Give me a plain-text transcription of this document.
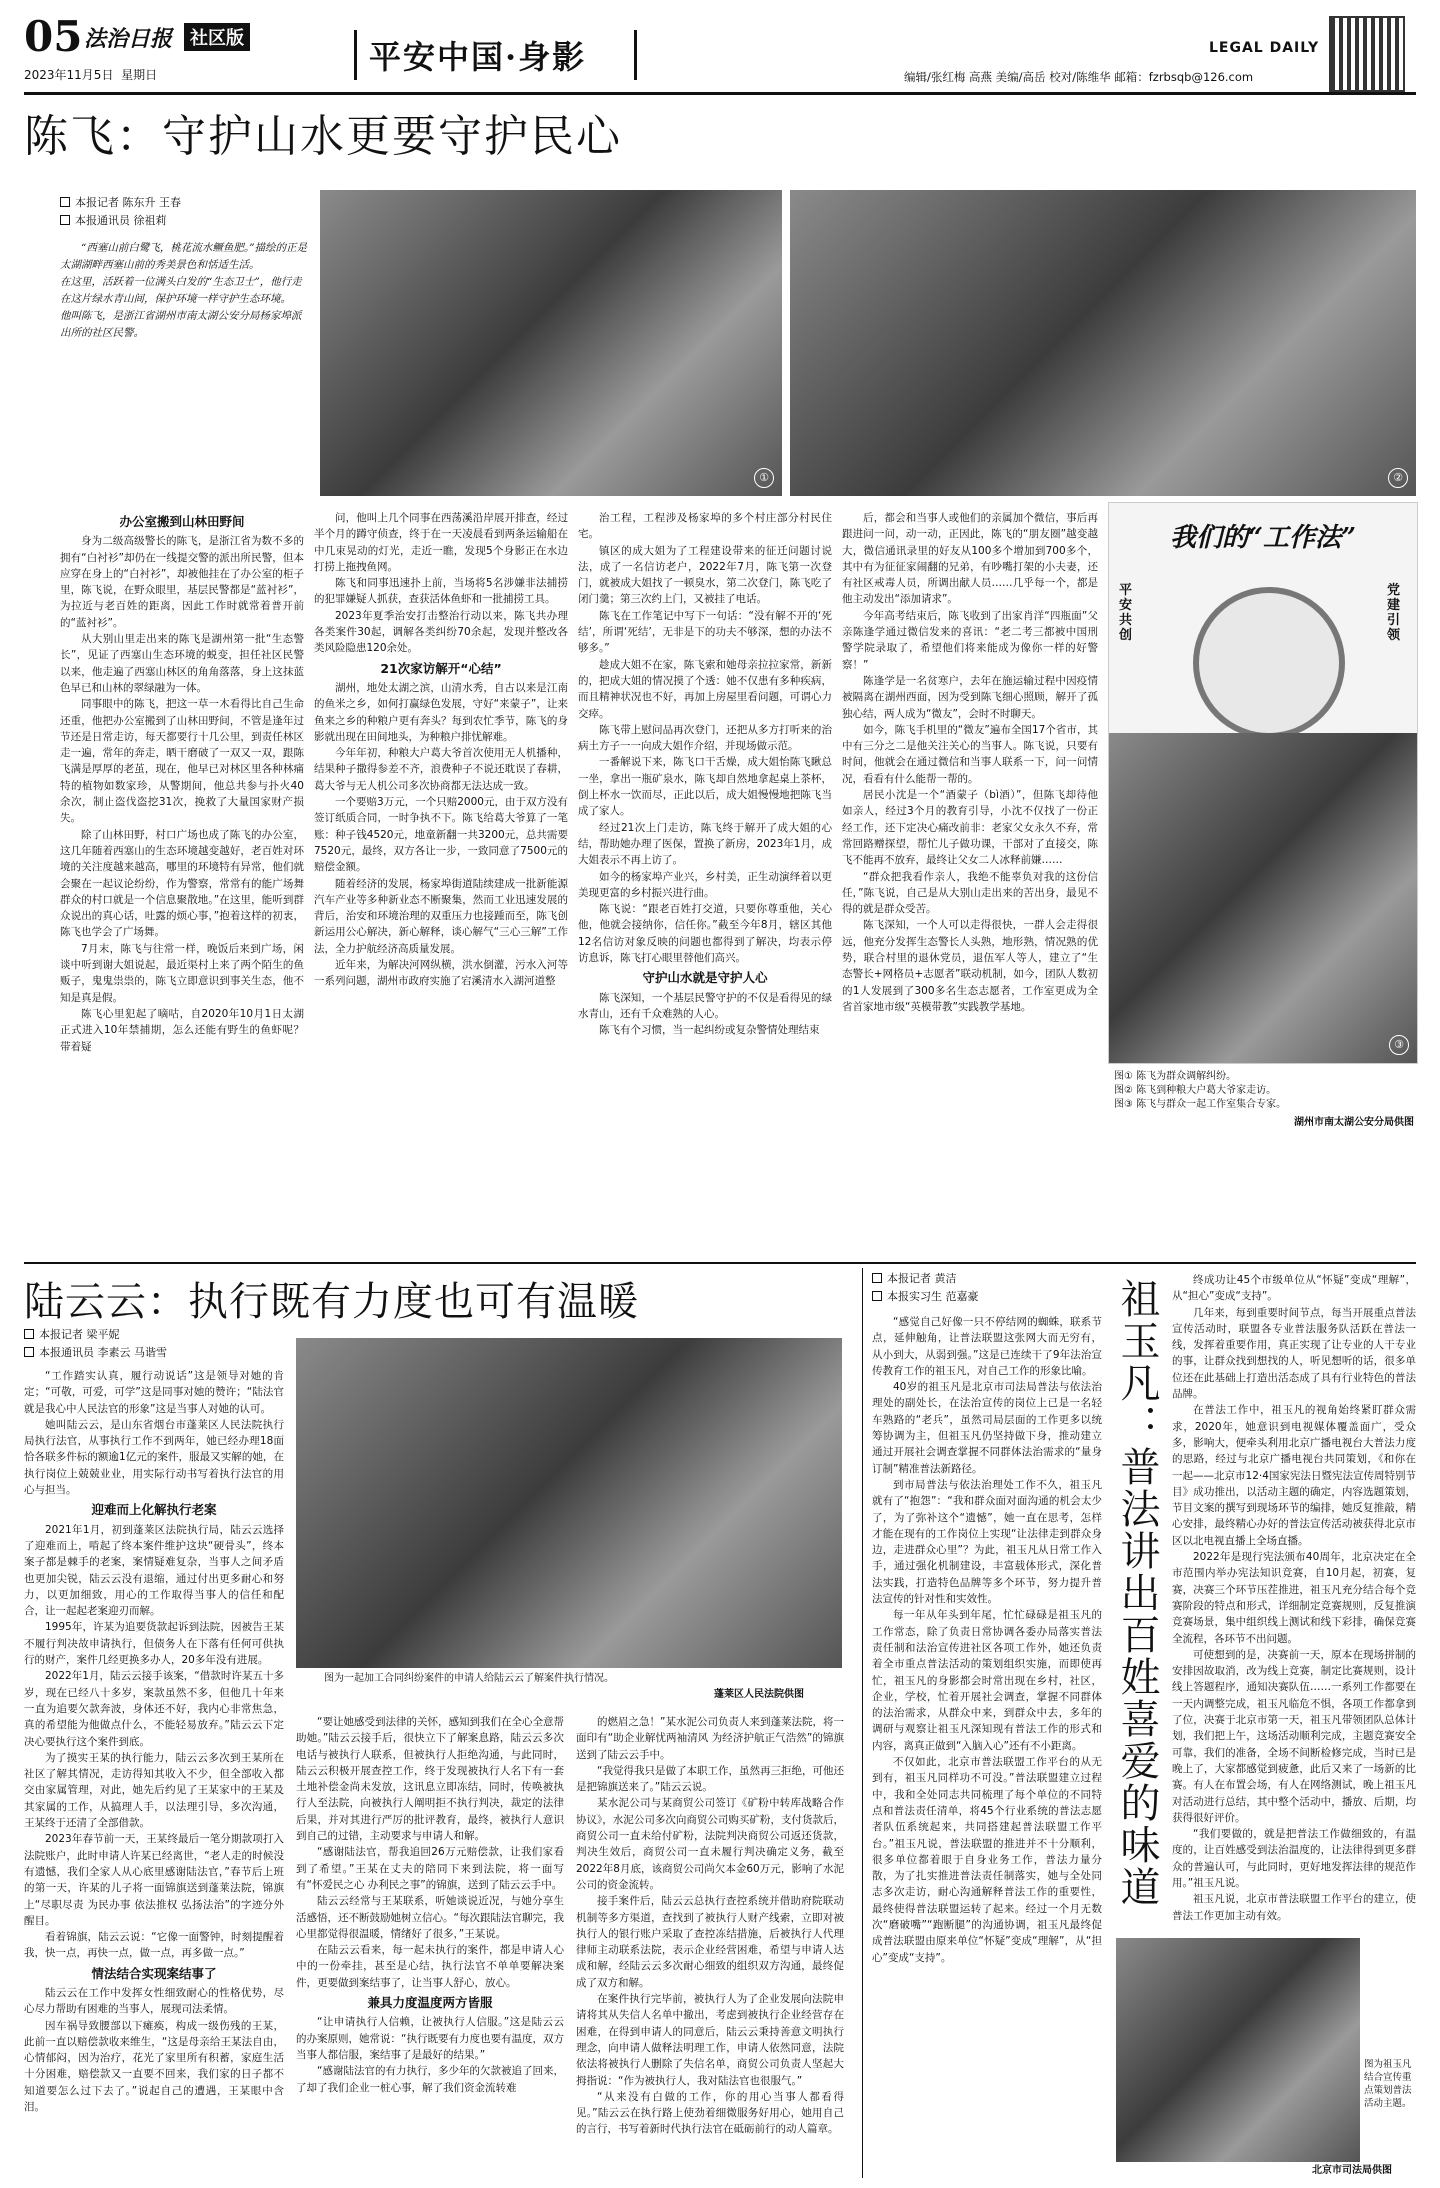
05 法治日报 社区版
2023年11月5日 星期日	平安中国·身影	LEGAL DAILY
编辑/张红梅 高燕 美编/高岳 校对/陈维华 邮箱：fzrbsqb@126.com
陈飞：守护山水更要守护民心
本报记者 陈东升 王春
本报通讯员 徐祖莉
“西塞山前白鹭飞，桃花流水鳜鱼肥。”描绘的正是太湖湖畔西塞山前的秀美景色和恬适生活。
在这里，活跃着一位满头白发的“生态卫士”，他行走在这片绿水青山间，保护环境一样守护生态环境。
他叫陈飞，是浙江省湖州市南太湖公安分局杨家埠派出所的社区民警。
①	②
办公室搬到山林田野间

身为二级高级警长的陈飞，是浙江省为数不多的拥有“白衬衫”却仍在一线提交警的派出所民警，但本应穿在身上的“白衬衫”，却被他挂在了办公室的柜子里，陈飞说，在野众眼里，基层民警都是“蓝衬衫”，为拉近与老百姓的距离，因此工作时就常着普开前的“蓝衬衫”。

从大别山里走出来的陈飞是湖州第一批“生态警长”，见证了西塞山生态环境的蜕变，担任社区民警以来，他走遍了西塞山林区的角角落落，身上这抹蓝色早已和山林的翠绿融为一体。

同事眼中的陈飞，把这一草一木看得比自己生命还重，他把办公室搬到了山林田野间，不管是逢年过节还是日常走访，每天都要行十几公里，到责任林区走一遍，常年的奔走，晒干磨破了一双又一双，跟陈飞满是厚厚的老茧，现在，他早已对林区里各种林痛特的植物如数家珍，从警期间，他总共参与扑火40余次，制止盗伐盗挖31次，挽救了大量国家财产损失。

除了山林田野，村口广场也成了陈飞的办公室，这几年随着西塞山的生态环境越变越好，老百姓对环境的关注度越来越高，哪里的环境特有异常，他们就会聚在一起议论纷纷，作为警察，常常有的能广场舞群众的村口就是一个信息聚散地。”在这里，能听到群众说出的真心话，吐露的烦心事，”抱着这样的初衷，陈飞也学会了广场舞。

7月末，陈飞与往常一样，晚饭后来到广场，闲谈中听到谢大姐说起，最近渠村上来了两个陌生的鱼贩子，鬼鬼祟祟的，陈飞立即意识到事关生态，他不知是真是假。

陈飞心里犯起了嘀咕，自2020年10月1日太湖正式进入10年禁捕期，怎么还能有野生的鱼虾呢？带着疑

问，他叫上几个同事在西荡溪沿岸展开排查，经过半个月的蹲守侦查，终于在一天凌晨看到两条运输船在中几束晃动的灯光，走近一瞧，发现5个身影正在水边打捞上拖拽鱼网。

陈飞和同事迅速扑上前，当场将5名涉嫌非法捕捞的犯罪嫌疑人抓获，查获活体鱼虾和一批捕捞工具。

2023年夏季治安打击整治行动以来，陈飞共办理各类案件30起，调解各类纠纷70余起，发现并整改各类风险隐患120余处。

21次家访解开“心结”

湖州，地处太湖之滨，山清水秀，自古以来是江南的鱼米之乡，如何打赢绿色发展，守好“来蒙子”，让来鱼来之乡的种粮户更有奔头？每到农忙季节，陈飞的身影就出现在田间地头，为种粮户排忧解难。

今年年初，种粮大户葛大爷首次使用无人机播种，结果种子撒得参差不齐，浪费种子不说还耽误了春耕，葛大爷与无人机公司多次协商都无法达成一致。

一个要赔3万元，一个只赔2000元，由于双方没有签订纸质合同，一时争执不下。陈飞给葛大爷算了一笔账：种子钱4520元，地童新翻一共3200元，总共需要7520元，最终，双方各让一步，一致同意了7500元的赔偿金额。

随着经济的发展，杨家埠街道陆续建成一批新能源汽车产业等多种新业态不断聚集，然而工业迅速发展的背后，治安和环境治理的双重压力也接踵而至，陈飞创新运用公心解决，新心解释，谈心解气“三心三解”工作法，全力护航经济高质量发展。

近年来，为解决河网纵横，洪水倒灌，污水入河等一系列问题，湖州市政府实施了宕溪清水入湖河道整

治工程，工程涉及杨家埠的多个村庄部分村民住宅。

镇区的成大姐为了工程建设带来的征迁问题讨说法，成了一名信访老户，2022年7月，陈飞第一次登门，就被成大姐找了一顿臭水，第二次登门，陈飞吃了闭门羹；第三次约上门，又被挂了电话。

陈飞在工作笔记中写下一句话：“没有解不开的‘死结’，所谓‘死结’，无非是下的功夫不够深，想的办法不够多。”

趁成大姐不在家，陈飞索和她母亲拉拉家常，新新的，把成大姐的情况摸了个透：她不仅患有多种疾病，而且精神状况也不好，再加上房屋里看问题，可谓心力交瘁。

陈飞带上慰问品再次登门，还把从多方打听来的治病土方子一一向成大姐作介绍，并现场做示范。

一番解说下来，陈飞口干舌燥，成大姐怡陈飞瞅总一坐，拿出一瓶矿泉水，陈飞却自然地拿起桌上茶杯，倒上杯水一饮而尽，正此以后，成大姐慢慢地把陈飞当成了家人。

经过21次上门走访，陈飞终于解开了成大姐的心结，帮助她办理了医保，置换了新房，2023年1月，成大姐表示不再上访了。

如今的杨家埠产业兴，乡村美，正生动演绎着以更美现更富的乡村振兴进行曲。

陈飞说：“跟老百姓打交道，只要你尊重他，关心他，他就会接纳你，信任你。”截至今年8月，辖区其他12名信访对象反映的问题也都得到了解决，均表示停访息诉，陈飞打心眼里替他们高兴。

守护山水就是守护人心

陈飞深知，一个基层民警守护的不仅是看得见的绿水青山，还有千众难熟的人心。

陈飞有个习惯，当一起纠纷或复杂警情处理结束

后，都会和当事人或他们的亲属加个微信，事后再跟进问一问，动一动，正因此，陈飞的“朋友圈”越变越大，微信通讯录里的好友从100多个增加到700多个，其中有为征征家闹翻的兄弟，有吵嘴打架的小夫妻，还有社区戒毒人员，所调出献人员……几乎每一个，都是他主动发出“添加请求”。

今年高考结束后，陈飞收到了出家肖洋“四瓶面”父亲陈逢学通过微信发来的喜讯：“老二考三都被中国刑警学院录取了，希望他们将来能成为像你一样的好警察！”

陈逢学是一名贫寒户，去年在施运输过程中因疫情被隔离在湖州西面，因为受到陈飞细心照顾，解开了孤独心结，两人成为“微友”，会时不时聊天。

如今，陈飞手机里的“微友”遍布全国17个省市，其中有三分之二是他关注关心的当事人。陈飞说，只要有时间，他就会在通过微信和当事人联系一下，问一问情况，看看有什么能帮一帮的。

居民小沈是一个“酒蒙子（bì酒）”，但陈飞却待他如亲人，经过3个月的教育引导，小沈不仅找了一份正经工作，还下定决心痛改前非：老家父女永久不弃，常常回路赠探望，帮忙儿子做功课，干部对了直接交，陈飞不能再不放弃，最终让父女二人冰释前嫌……

“群众把我看作亲人，我绝不能辜负对我的这份信任，”陈飞说，自己是从大别山走出来的苦出身，最见不得的就是群众受苦。

陈飞深知，一个人可以走得很快，一群人会走得很远，他充分发挥生态警长人头熟，地形熟，情况熟的优势，联合村里的退休党员，退伍军人等人，建立了“生态警长+网格员+志愿者”联动机制，如今，团队人数初的1人发展到了300多名生态志愿者，工作室更成为全省首家地市级“英模带教”实践教学基地。

我们的“工作法”
平安共创
党建引领
③
图① 陈飞为群众调解纠纷。
图② 陈飞到种粮大户葛大爷家走访。
图③ 陈飞与群众一起工作室集合专家。
湖州市南太湖公安分局供图
陆云云：执行既有力度也可有温暖
本报记者 梁平妮
本报通讯员 李素云 马谐雪

“工作踏实认真，履行动说话”这是领导对她的肯定；“可敬，可爱，可学”这是同事对她的赞许；“陆法官就是我心中人民法官的形象”这是当事人对她的认可。

她叫陆云云，是山东省烟台市蓬莱区人民法院执行局执行法官，从事执行工作不到两年，她已经办理18面恰各联多件标的额逾1亿元的案件，服最又实解的她，在执行岗位上兢兢业业，用实际行动书写着执行法官的用心与担当。

迎难而上化解执行老案

2021年1月，初到蓬莱区法院执行局，陆云云选择了迎难而上，啃起了终本案件维护这块“硬骨头”，终本案子都是棘手的老案，案情疑难复杂，当事人之间矛盾也更加尖锐，陆云云没有退缩，通过付出更多耐心和努力，以更加细致，用心的工作取得当事人的信任和配合，让一起起老案迎刃而解。

1995年，许某为追要货款起诉到法院，因被告王某不履行判决故申请执行，但债务人在下落有任何可供执行的财产，案件几经更换多办人，20多年没有进展。

2022年1月，陆云云接手该案，“借款时许某五十多岁，现在已经八十多岁，案款虽然不多，但他几十年来一直为追要欠款奔波，身体还不好，我内心非常焦急，真的希望能为他做点什么，不能轻易放弃。”陆云云下定决心要执行这个案件到底。

为了摸实王某的执行能力，陆云云多次到王某所在社区了解其情况，走访得知其收入不少，但全部收入都交由家属管理，对此，她先后约见了王某家中的王某及其家属的工作，从搞理人手，以法理引导，多次沟通，王某终于还清了全部借款。

2023年春节前一天，王某终最后一笔分期款项打入法院账户，此时申请人许某已经离世，“老人走的时候没有遗憾，我们全家人从心底里感谢陆法官，”春节后上班的第一天，许某的儿子将一面锦旗送到蓬莱法院，锦旗上“尽职尽责 为民办事 依法推权 弘扬法治”的字迹分外醒目。

看着锦旗，陆云云说：“它像一面警钟，时刻提醒着我，快一点，再快一点，做一点，再多做一点。”

情法结合实现案结事了

陆云云在工作中发挥女性细致耐心的性格优势，尽心尽力帮助有困难的当事人，展现司法柔情。

因车祸导致腰部以下瘫痪，构成一级伤残的王某，此前一直以赔偿款收来维生，“这是母亲给王某法自由，心情郁闷，因为治疗，花光了家里所有积蓄，家庭生活十分困难，赔偿款又一直要不回来，我们家的日子都不知道要怎么过下去了。”说起自己的遭遇，王某眼中含泪。

图为一起加工合同纠纷案件的申请人给陆云云了解案件执行情况。
蓬莱区人民法院供图

“要让她感受到法律的关怀，感知到我们在全心全意帮助她。”陆云云接手后，很快立下了解案息路，陆云云多次电话与被执行人联系，但被执行人拒绝沟通，与此同时，陆云云积极开展查控工作，终于发现被执行人名下有一套土地补偿金尚未发放，这讯息立即冻结，同时，传唤被执行人至法院，向被执行人阐明拒不执行判决，裁定的法律后果，并对其进行严厉的批评教育，最终，被执行人意识到自己的过错，主动要求与申请人和解。

“感谢陆法官，帮我追回26万元赔偿款，让我们家看到了希望。”王某在丈夫的陪同下来到法院，将一面写有“怀爱民之心 办利民之事”的锦旗，送到了陆云云手中。

陆云云经常与王某联系，听她谈说近况，与她分享生活感悟，还不断鼓励她树立信心。“每次跟陆法官聊完，我心里都觉得很温暖，情绪好了很多，”王某说。

在陆云云看来，每一起未执行的案件，都是申请人心中的一份牵挂，甚至是心结，执行法官不单单要解决案件，更要做到案结事了，让当事人舒心，放心。

兼具力度温度两方皆服

“让申请执行人信赖，让被执行人信服。”这是陆云云的办案原则，她常说：“执行既要有力度也要有温度，双方当事人都信服，案结事了是最好的结果。”

“感谢陆法官的有力执行，多少年的欠款被追了回来，了却了我们企业一桩心事，解了我们资金流转难

的燃眉之急！”某水泥公司负责人来到蓬莱法院，将一面印有“助企业解忧两袖清风 为经济护航正气浩然”的锦旗送到了陆云云手中。

“我觉得我只是做了本职工作，虽然再三拒绝，可他还是把锦旗送来了。”陆云云说。

某水泥公司与某商贸公司签订《矿粉中转库战略合作协议》，水泥公司多次向商贸公司购买矿粉，支付货款后，商贸公司一直未给付矿粉，法院判决商贸公司返还货款，判决生效后，商贸公司一直未履行判决确定义务，截至2022年8月底，该商贸公司尚欠本金60万元，影响了水泥公司的资金流转。

接手案件后，陆云云总执行查控系统并借助府院联动机制等多方渠道，查找到了被执行人财产线索，立即对被执行人的银行账户采取了查控冻结措施，后被执行人代理律师主动联系法院，表示企业经营困难，希望与申请人达成和解，经陆云云多次耐心细致的组织双方沟通，最终促成了双方和解。

在案件执行完毕前，被执行人为了企业发展向法院申请将其从失信人名单中撤出，考虑到被执行企业经营存在困难，在得到申请人的同意后，陆云云秉持善意文明执行理念，向申请人做释法明理工作，申请人依然同意，法院依法将被执行人删除了失信名单，商贸公司负责人坚起大拇指说：“作为被执行人，我对陆法官也很服气。”

“从来没有白做的工作，你的用心当事人都看得见。”陆云云在执行路上使劲着细微服务好用心，她用自己的言行，书写着新时代执行法官在砥砺前行的动人篇章。

本报记者 黄洁
本报实习生 范嘉豪

“感觉自己好像一只不停结网的蜘蛛，联系节点，延伸触角，让普法联盟这张网大而无穷有，从小到大，从弱到强。”这是已连续干了9年法治宣传教育工作的祖玉凡，对自己工作的形象比喻。

40岁的祖玉凡是北京市司法局普法与依法治理处的副处长，在法治宣传的岗位上已是一名轻车熟路的“老兵”，虽然司局层面的工作更多以统筹协调为主，但祖玉凡仍坚持做下身，推动建立通过开展社会调查掌握不同群体法治需求的“量身订制”精准普法新路径。

到市局普法与依法治理处工作不久，祖玉凡就有了“抱怨”：“我和群众面对面沟通的机会太少了，为了弥补这个“遗憾”，她一直在思考，怎样才能在现有的工作岗位上实现“让法律走到群众身边，走进群众心里”？为此，祖玉凡从日常工作入手，通过强化机制建设，丰富载体形式，深化普法实践，打造特色品牌等多个环节，努力提升普法宣传的针对性和实效性。

每一年从年头到年尾，忙忙碌碌是祖玉凡的工作常态，除了负责日常协调各委办局落实普法责任制和法治宣传进社区各项工作外，她还负责着全市重点普法活动的策划组织实施，而即使再忙，祖玉凡的身影都会时常出现在乡村，社区，企业，学校，忙着开展社会调查，掌握不同群体的法治需求，从群众中来，到群众中去，多年的调研与观察让祖玉凡深知现有普法工作的形式和内容，离真正做到“入脑入心”还有不小距离。

不仅如此，北京市普法联盟工作平台的从无到有，祖玉凡同样功不可没。”普法联盟建立过程中，我和全处同志共同梳理了每个单位的不同特点和普法责任清单，将45个行业系统的普法志愿者队伍系统起来，共同搭建起普法联盟工作平台。”祖玉凡说，普法联盟的推进并不十分顺利，很多单位都着眼于自身业务工作，普法力量分散，为了扎实推进普法责任制落实，她与全处同志多次走访，耐心沟通解释普法工作的重要性，最终使得普法联盟运转了起来。经过一个月无数次“磨破嘴”“跑断腿”的沟通协调，祖玉凡最终促成普法联盟由原来单位“怀疑”变成“理解”，从“担心”变成“支持”。

祖玉凡：普法讲出百姓喜爱的味道	终成功让45个市级单位从“怀疑”变成“理解”，从“担心”变成“支持”。

几年来，每到重要时间节点，每当开展重点普法宣传活动时，联盟各专业普法服务队活跃在普法一线，发挥着重要作用，真正实现了让专业的人干专业的事，让群众找到想找的人，听见想听的话，很多单位还在此基础上打造出活态成了具有行业特色的普法品牌。

在普法工作中，祖玉凡的视角始终紧盯群众需求，2020年，她意识到电视媒体覆盖面广，受众多，影响大，便牵头利用北京广播电视台大普法力度的思路，经过与北京广播电视台共同策划，《和你在一起——北京市12·4国家宪法日暨宪法宣传周特别节目》成功推出，以活动主题的确定，内容选题策划，节目文案的撰写到现场环节的编排，她反复推敲，精心安排，最终精心办好的普法宣传活动被获得北京市区以北电视直播上全场直播。

2022年是现行宪法颁布40周年，北京决定在全市范围内举办宪法知识竞赛，自10月起，初赛，复赛，决赛三个环节压茬推进，祖玉凡充分结合每个竞赛阶段的特点和形式，详细制定竞赛规则，反复推演竞赛场景，集中组织线上测试和线下彩排，确保竞赛全流程，各环节不出问题。

可使想到的是，决赛前一天，原本在现场拼制的安排因故取消，改为线上竞赛，制定比赛规则，设计线上答题程序，通知决赛队伍……一系列工作都要在一天内调整完成，祖玉凡临危不惧，各项工作都拿到了位，决赛于北京市第一天，祖玉凡带领团队总体计划，我们把上午，这场活动顺利完成，主题竞赛安全可靠，我们的准备，全场不间断检修完成，当时已是晚上了，大家都感觉到疲惫，此后又来了一场新的比赛。有人在布置会场，有人在网络测试，晚上祖玉凡对活动进行总结，其中整个活动中，播放、后期，均获得很好评价。

“我们要做的，就是把普法工作做细致的，有温度的，让百姓感受到法治温度的，让法律得到更多群众的普遍认可，与此同时，更好地发挥法律的规范作用。”祖玉凡说。

祖玉凡说，北京市普法联盟工作平台的建立，使普法工作更加主动有效。

图为祖玉凡结合宣传重点策划普法活动主题。
北京市司法局供图
